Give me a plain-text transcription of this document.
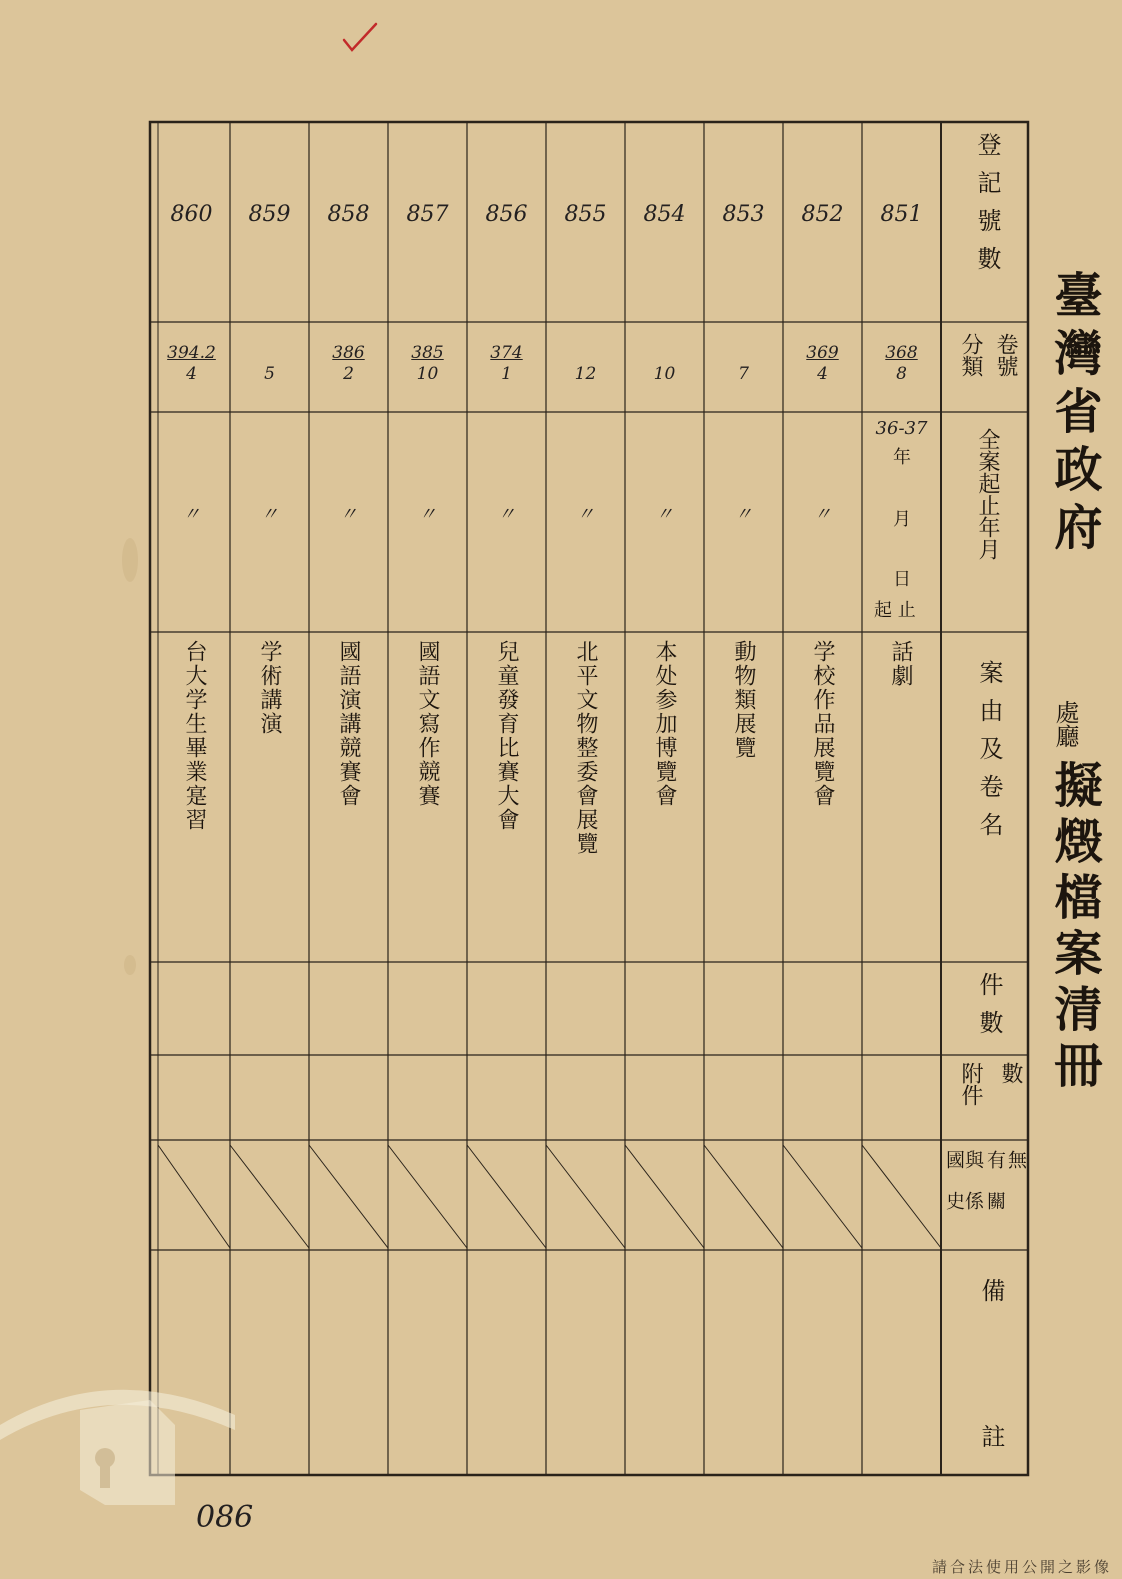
臺灣省政府
處廳
擬燬檔案清冊
登記號數
卷號
分類
全案起止年月
案由及卷名
件數
數
附件
無
有 關
與 係
國 史
備
註
年
月
日
起 止
851
368
8
36-37
話劇
852
369
4
〃
学校作品展覽會
853
7
〃
動物類展覽
854
10
〃
本处参加博覽會
855
12
〃
北平文物整委會展覽
856
374
1
〃
兒童發育比賽大會
857
385
10
〃
國語文寫作競賽
858
386
2
〃
國語演講競賽會
859
5
〃
学術講演
860
394.2
4
〃
台大学生畢業寔習
086
請合法使用公開之影像
